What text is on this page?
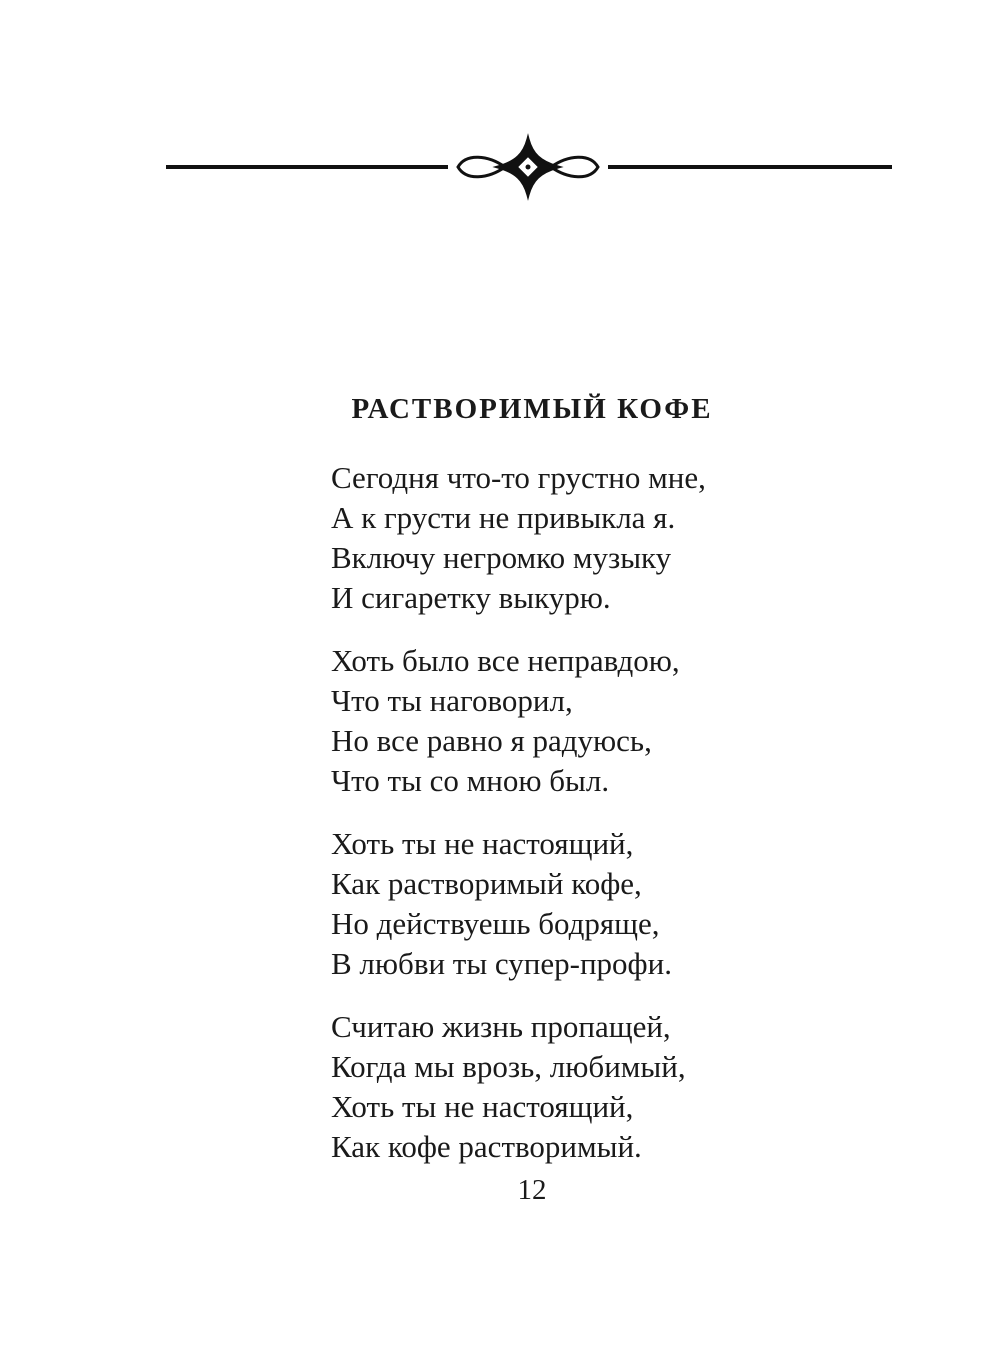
РАСТВОРИМЫЙ КОФЕ

Сегодня что-то грустно мне,

А к грусти не привыкла я.

Включу негромко музыку

И сигаретку выкурю.

Хоть было все неправдою,

Что ты наговорил,

Но все равно я радуюсь,

Что ты со мною был.

Хоть ты не настоящий,

Как растворимый кофе,

Но действуешь бодряще,

В любви ты супер-профи.

Считаю жизнь пропащей,

Когда мы врозь, любимый,

Хоть ты не настоящий,

Как кофе растворимый.

12
